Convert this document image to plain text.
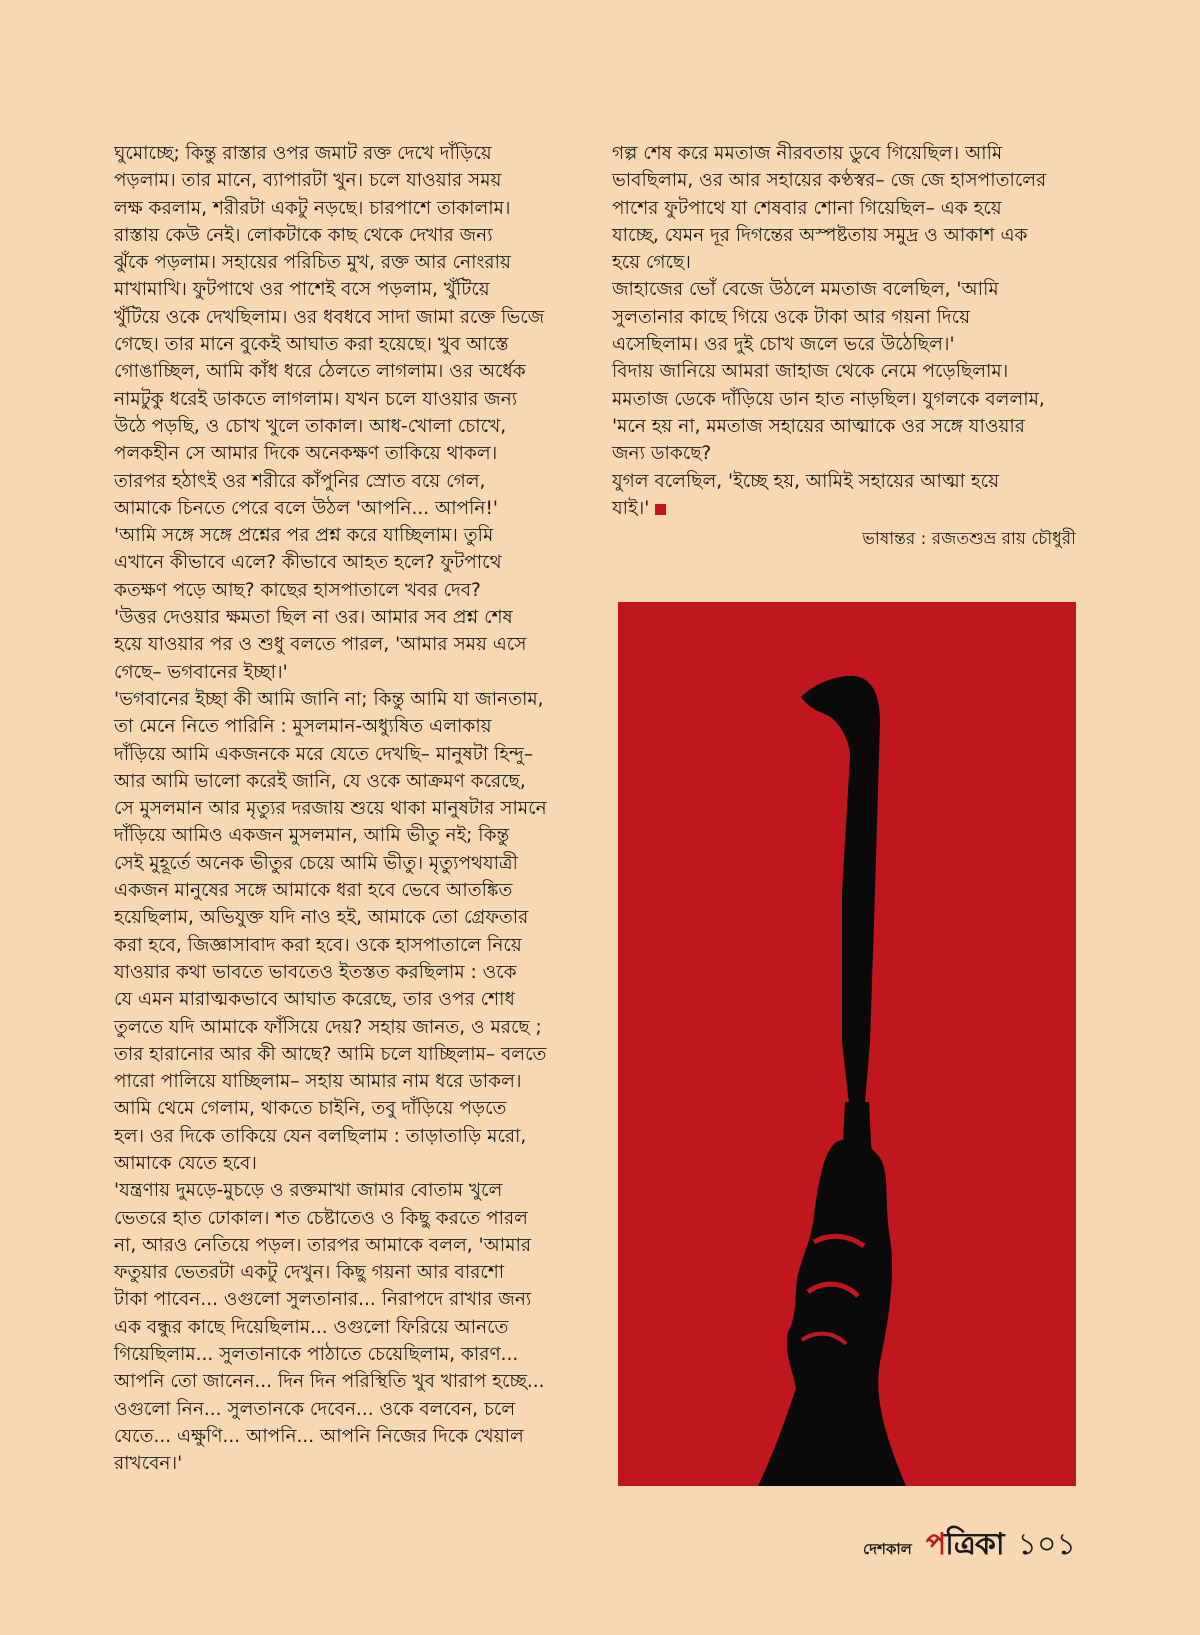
ঘুমোচ্ছে; কিন্তু রাস্তার ওপর জমাট রক্ত দেখে দাঁড়িয়ে
পড়লাম। তার মানে, ব্যাপারটা খুন। চলে যাওয়ার সময়
লক্ষ করলাম, শরীরটা একটু নড়ছে। চারপাশে তাকালাম।
রাস্তায় কেউ নেই। লোকটাকে কাছ থেকে দেখার জন্য
ঝুঁকে পড়লাম। সহায়ের পরিচিত মুখ, রক্ত আর নোংরায়
মাখামাখি। ফুটপাথে ওর পাশেই বসে পড়লাম, খুঁটিয়ে
খুঁটিয়ে ওকে দেখছিলাম। ওর ধবধবে সাদা জামা রক্তে ভিজে
গেছে। তার মানে বুকেই আঘাত করা হয়েছে। খুব আস্তে
গোঙাচ্ছিল, আমি কাঁধ ধরে ঠেলতে লাগলাম। ওর অর্ধেক
নামটুকু ধরেই ডাকতে লাগলাম। যখন চলে যাওয়ার জন্য
উঠে পড়ছি, ও চোখ খুলে তাকাল। আধ-খোলা চোখে,
পলকহীন সে আমার দিকে অনেকক্ষণ তাকিয়ে থাকল।
তারপর হঠাৎই ওর শরীরে কাঁপুনির স্রোত বয়ে গেল,
আমাকে চিনতে পেরে বলে উঠল 'আপনি... আপনি!'
'আমি সঙ্গে সঙ্গে প্রশ্নের পর প্রশ্ন করে যাচ্ছিলাম। তুমি
এখানে কীভাবে এলে? কীভাবে আহত হলে? ফুটপাথে
কতক্ষণ পড়ে আছ? কাছের হাসপাতালে খবর দেব?
'উত্তর দেওয়ার ক্ষমতা ছিল না ওর। আমার সব প্রশ্ন শেষ
হয়ে যাওয়ার পর ও শুধু বলতে পারল, 'আমার সময় এসে
গেছে– ভগবানের ইচ্ছা।'
'ভগবানের ইচ্ছা কী আমি জানি না; কিন্তু আমি যা জানতাম,
তা মেনে নিতে পারিনি : মুসলমান-অধ্যুষিত এলাকায়
দাঁড়িয়ে আমি একজনকে মরে যেতে দেখছি– মানুষটা হিন্দু–
আর আমি ভালো করেই জানি, যে ওকে আক্রমণ করেছে,
সে মুসলমান আর মৃত্যুর দরজায় শুয়ে থাকা মানুষটার সামনে
দাঁড়িয়ে আমিও একজন মুসলমান, আমি ভীতু নই; কিন্তু
সেই মুহূর্তে অনেক ভীতুর চেয়ে আমি ভীতু। মৃত্যুপথযাত্রী
একজন মানুষের সঙ্গে আমাকে ধরা হবে ভেবে আতঙ্কিত
হয়েছিলাম, অভিযুক্ত যদি নাও হই, আমাকে তো গ্রেফতার
করা হবে, জিজ্ঞাসাবাদ করা হবে। ওকে হাসপাতালে নিয়ে
যাওয়ার কথা ভাবতে ভাবতেও ইতস্তত করছিলাম : ওকে
যে এমন মারাত্মকভাবে আঘাত করেছে, তার ওপর শোধ
তুলতে যদি আমাকে ফাঁসিয়ে দেয়? সহায় জানত, ও মরছে ;
তার হারানোর আর কী আছে? আমি চলে যাচ্ছিলাম– বলতে
পারো পালিয়ে যাচ্ছিলাম– সহায় আমার নাম ধরে ডাকল।
আমি থেমে গেলাম, থাকতে চাইনি, তবু দাঁড়িয়ে পড়তে
হল। ওর দিকে তাকিয়ে যেন বলছিলাম : তাড়াতাড়ি মরো,
আমাকে যেতে হবে।
'যন্ত্রণায় দুমড়ে-মুচড়ে ও রক্তমাখা জামার বোতাম খুলে
ভেতরে হাত ঢোকাল। শত চেষ্টাতেও ও কিছু করতে পারল
না, আরও নেতিয়ে পড়ল। তারপর আমাকে বলল, 'আমার
ফতুয়ার ভেতরটা একটু দেখুন। কিছু গয়না আর বারশো
টাকা পাবেন... ওগুলো সুলতানার... নিরাপদে রাখার জন্য
এক বন্ধুর কাছে দিয়েছিলাম... ওগুলো ফিরিয়ে আনতে
গিয়েছিলাম... সুলতানাকে পাঠাতে চেয়েছিলাম, কারণ...
আপনি তো জানেন... দিন দিন পরিস্থিতি খুব খারাপ হচ্ছে...
ওগুলো নিন... সুলতানকে দেবেন... ওকে বলবেন, চলে
যেতে... এক্ষুণি... আপনি... আপনি নিজের দিকে খেয়াল
রাখবেন।'
গল্প শেষ করে মমতাজ নীরবতায় ডুবে গিয়েছিল। আমি
ভাবছিলাম, ওর আর সহায়ের কণ্ঠস্বর– জে জে হাসপাতালের
পাশের ফুটপাথে যা শেষবার শোনা গিয়েছিল– এক হয়ে
যাচ্ছে, যেমন দূর দিগন্তের অস্পষ্টতায় সমুদ্র ও আকাশ এক
হয়ে গেছে।
জাহাজের ভোঁ বেজে উঠলে মমতাজ বলেছিল, 'আমি
সুলতানার কাছে গিয়ে ওকে টাকা আর গয়না দিয়ে
এসেছিলাম। ওর দুই চোখ জলে ভরে উঠেছিল।'
বিদায় জানিয়ে আমরা জাহাজ থেকে নেমে পড়েছিলাম।
মমতাজ ডেকে দাঁড়িয়ে ডান হাত নাড়ছিল। যুগলকে বললাম,
'মনে হয় না, মমতাজ সহায়ের আত্মাকে ওর সঙ্গে যাওয়ার
জন্য ডাকছে?
যুগল বলেছিল, 'ইচ্ছে হয়, আমিই সহায়ের আত্মা হয়ে
যাই।'
ভাষান্তর : রজতশুভ্র রায় চৌধুরী
দেশকাল পত্রিকা ১০১
